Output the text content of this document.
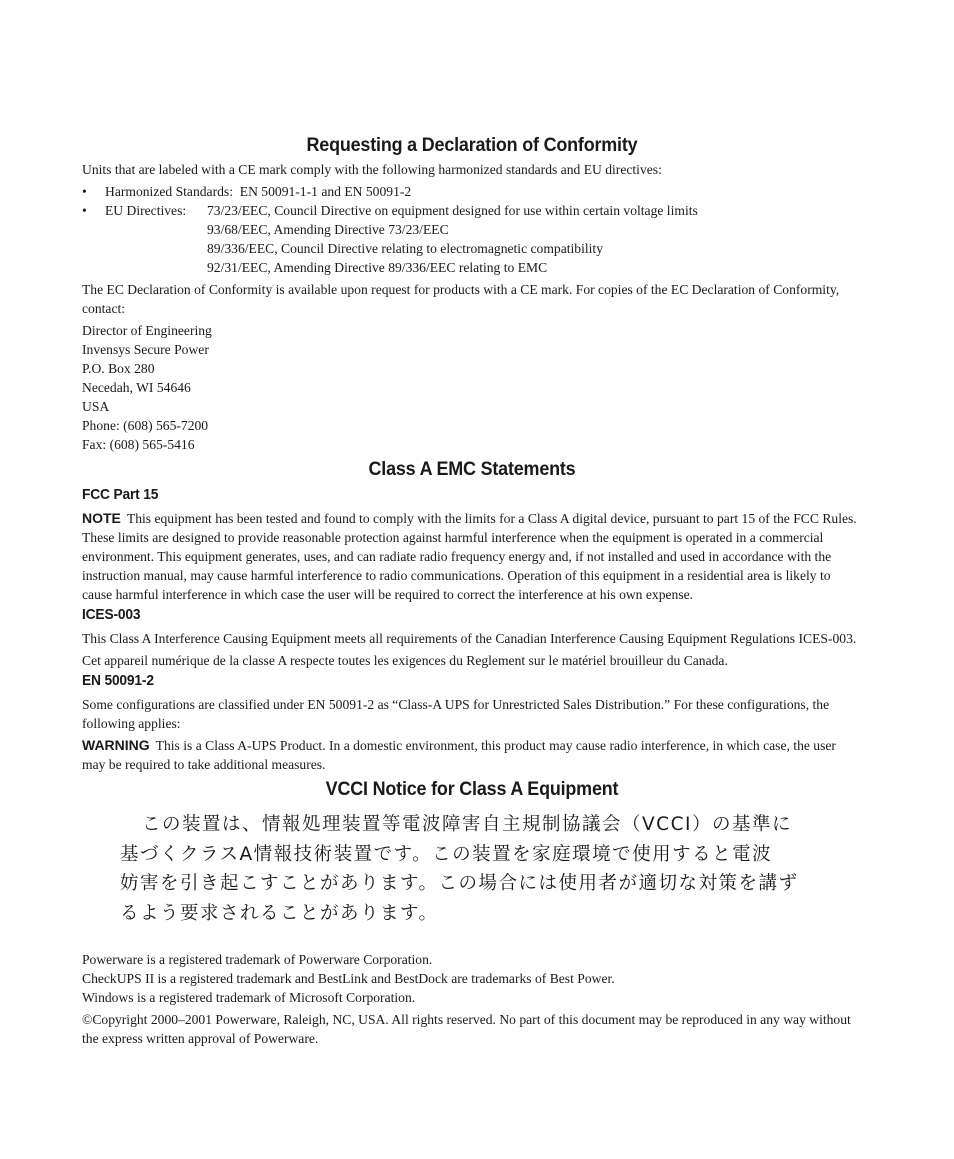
Requesting a Declaration of Conformity

Units that are labeled with a CE mark comply with the following harmonized standards and EU directives:

• Harmonized Standards: EN 50091-1-1 and EN 50091-2
• EU Directives:	73/23/EEC, Council Directive on equipment designed for use within certain voltage limits
93/68/EEC, Amending Directive 73/23/EEC
89/336/EEC, Council Directive relating to electromagnetic compatibility
92/31/EEC, Amending Directive 89/336/EEC relating to EMC

The EC Declaration of Conformity is available upon request for products with a CE mark. For copies of the EC Declaration of Conformity, contact:

Director of Engineering
Invensys Secure Power
P.O. Box 280
Necedah, WI 54646
USA
Phone: (608) 565-7200
Fax: (608) 565-5416
Class A EMC Statements
FCC Part 15

NOTE This equipment has been tested and found to comply with the limits for a Class A digital device, pursuant to part 15 of the FCC Rules. These limits are designed to provide reasonable protection against harmful interference when the equipment is operated in a commercial environment. This equipment generates, uses, and can radiate radio frequency energy and, if not installed and used in accordance with the instruction manual, may cause harmful interference to radio communications. Operation of this equipment in a residential area is likely to cause harmful interference in which case the user will be required to correct the interference at his own expense.

ICES-003

This Class A Interference Causing Equipment meets all requirements of the Canadian Interference Causing Equipment Regulations ICES-003.

Cet appareil numérique de la classe A respecte toutes les exigences du Reglement sur le matériel brouilleur du Canada.

EN 50091-2

Some configurations are classified under EN 50091-2 as “Class-A UPS for Unrestricted Sales Distribution.” For these configurations, the following applies:

WARNING This is a Class A-UPS Product. In a domestic environment, this product may cause radio interference, in which case, the user may be required to take additional measures.

VCCI Notice for Class A Equipment
この装置は、情報処理装置等電波障害自主規制協議会（VCCI）の基準に
基づくクラスA情報技術装置です。この装置を家庭環境で使用すると電波
妨害を引き起こすことがあります。この場合には使用者が適切な対策を講ず
るよう要求されることがあります。
Powerware is a registered trademark of Powerware Corporation.
CheckUPS II is a registered trademark and BestLink and BestDock are trademarks of Best Power.
Windows is a registered trademark of Microsoft Corporation.

©Copyright 2000–2001 Powerware, Raleigh, NC, USA. All rights reserved. No part of this document may be reproduced in any way without the express written approval of Powerware.
